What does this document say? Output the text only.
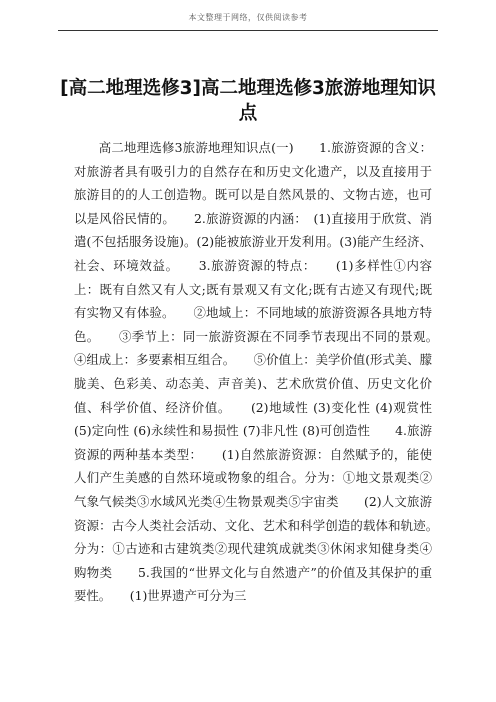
本文整理于网络，仅供阅读参考
[高二地理选修3]高二地理选修3旅游地理知识点
高二地理选修3旅游地理知识点(一)　　1.旅游资源的含义：对旅游者具有吸引力的自然存在和历史文化遗产，以及直接用于旅游目的的人工创造物。既可以是自然风景的、文物古迹，也可以是风俗民情的。　　2.旅游资源的内涵：　(1)直接用于欣赏、消遣(不包括服务设施)。(2)能被旅游业开发利用。(3)能产生经济、社会、环境效益。　　3.旅游资源的特点：　　(1)多样性①内容上：既有自然又有人文;既有景观又有文化;既有古迹又有现代;既有实物又有体验。　　②地域上：不同地域的旅游资源各具地方特色。　　③季节上：同一旅游资源在不同季节表现出不同的景观。　　④组成上：多要素相互组合。　　⑤价值上：美学价值(形式美、朦胧美、色彩美、动态美、声音美)、艺术欣赏价值、历史文化价值、科学价值、经济价值。　　(2)地域性 (3)变化性 (4)观赏性 (5)定向性 (6)永续性和易损性 (7)非凡性 (8)可创造性　　4.旅游资源的两种基本类型：　　(1)自然旅游资源：自然赋予的，能使人们产生美感的自然环境或物象的组合。分为：①地文景观类②气象气候类③水域风光类④生物景观类⑤宇宙类　　(2)人文旅游资源：古今人类社会活动、文化、艺术和科学创造的载体和轨迹。　　分为：①古迹和古建筑类②现代建筑成就类③休闲求知健身类④购物类　　5.我国的“世界文化与自然遗产”的价值及其保护的重要性。　　(1)世界遗产可分为三
